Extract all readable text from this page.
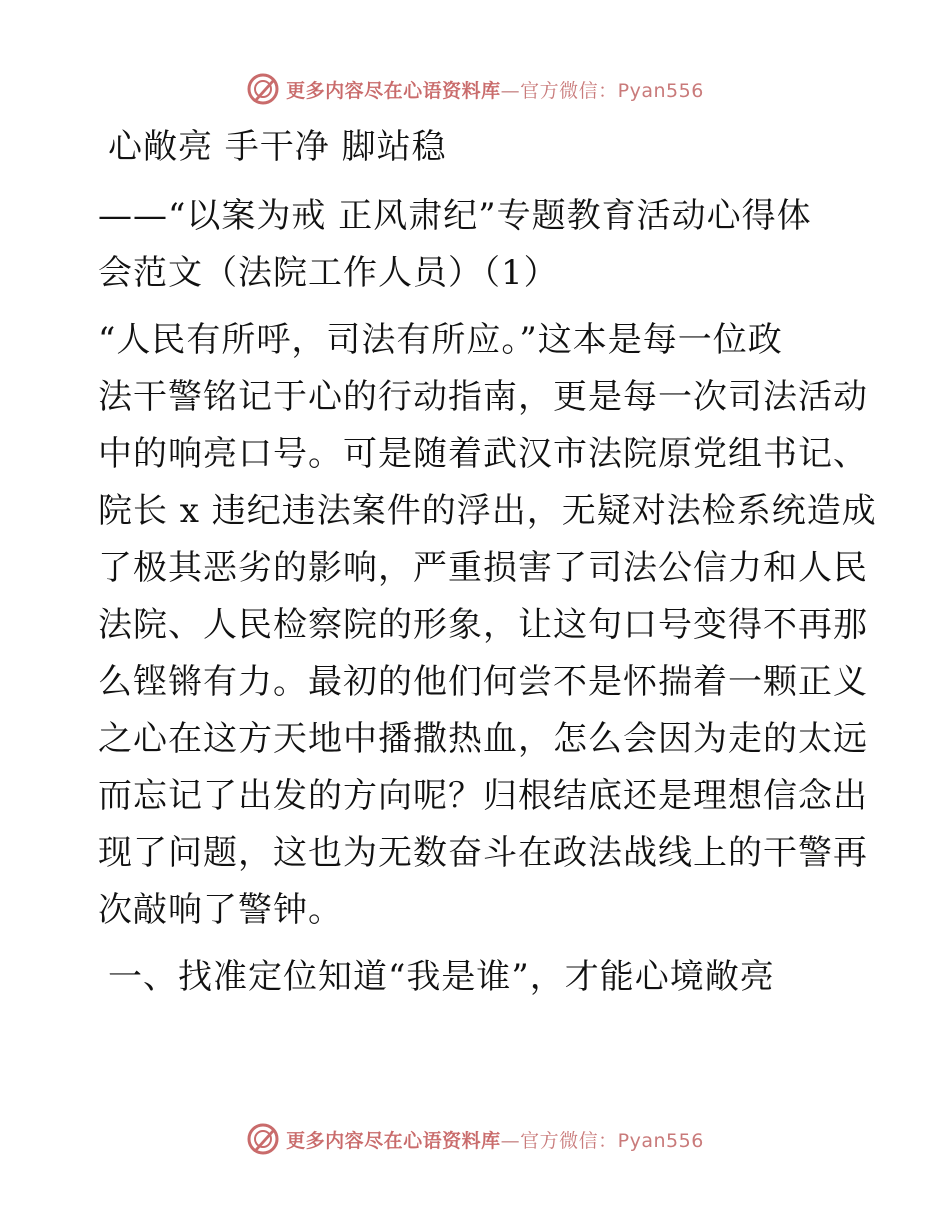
更多内容尽在心语资料库—官方微信：Pyan556
心敞亮 手干净 脚站稳
——“以案为戒 正风肃纪”专题教育活动心得体
会范文（法院工作人员）（1）
“人民有所呼，司法有所应。”这本是每一位政
法干警铭记于心的行动指南，更是每一次司法活动
中的响亮口号。可是随着武汉市法院原党组书记、
院长 x 违纪违法案件的浮出，无疑对法检系统造成
了极其恶劣的影响，严重损害了司法公信力和人民
法院、人民检察院的形象，让这句口号变得不再那
么铿锵有力。最初的他们何尝不是怀揣着一颗正义
之心在这方天地中播撒热血，怎么会因为走的太远
而忘记了出发的方向呢？归根结底还是理想信念出
现了问题，这也为无数奋斗在政法战线上的干警再
次敲响了警钟。
一、找准定位知道“我是谁”，才能心境敞亮
更多内容尽在心语资料库—官方微信：Pyan556
